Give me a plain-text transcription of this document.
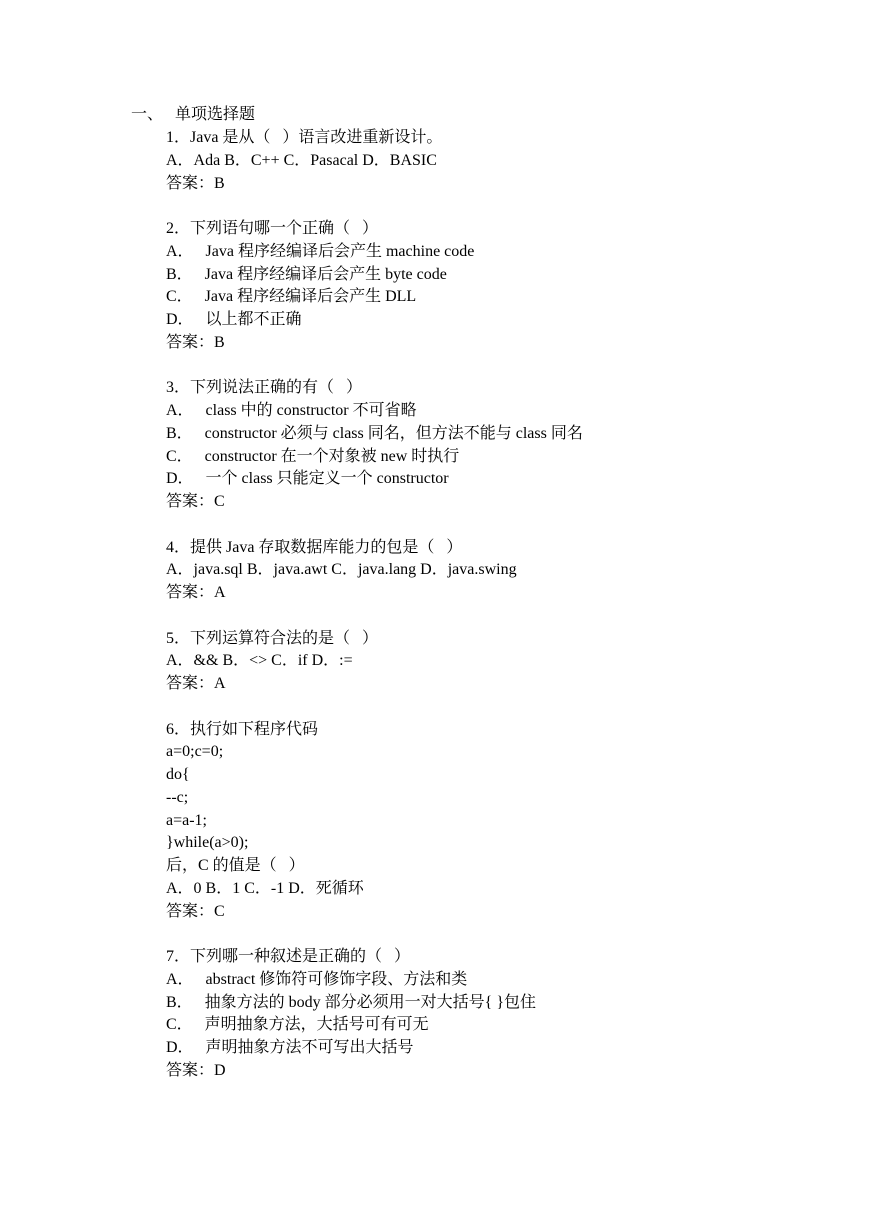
一、 单项选择题
1．Java 是从（   ）语言改进重新设计。
A．Ada B．C++ C．Pasacal D．BASIC
答案：B
2．下列语句哪一个正确（   ）
A．   Java 程序经编译后会产生 machine code
B．   Java 程序经编译后会产生 byte code
C．   Java 程序经编译后会产生 DLL
D．   以上都不正确
答案：B
3．下列说法正确的有（   ）
A．   class 中的 constructor 不可省略
B．   constructor 必须与 class 同名，但方法不能与 class 同名
C．   constructor 在一个对象被 new 时执行
D．   一个 class 只能定义一个 constructor
答案：C
4．提供 Java 存取数据库能力的包是（   ）
A．java.sql B．java.awt C．java.lang D．java.swing
答案：A
5．下列运算符合法的是（   ）
A．&& B．<> C．if D．:=
答案：A
6．执行如下程序代码
a=0;c=0;
do{
--c;
a=a-1;
}while(a>0);
后，C 的值是（   ）
A．0 B．1 C．-1 D．死循环
答案：C
7．下列哪一种叙述是正确的（   ）
A．   abstract 修饰符可修饰字段、方法和类
B．   抽象方法的 body 部分必须用一对大括号{ }包住
C．   声明抽象方法，大括号可有可无
D．   声明抽象方法不可写出大括号
答案：D
